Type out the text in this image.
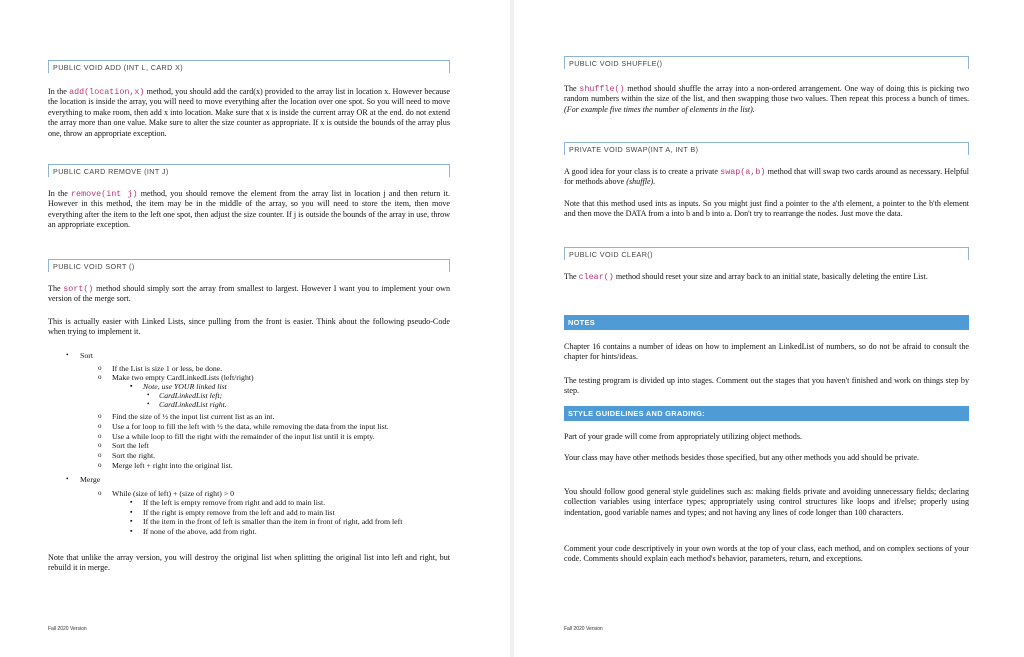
PUBLIC VOID ADD (INT L, CARD X)
In the add(location,x) method, you should add the card(x) provided to the array list in location x. However because the location is inside the array, you will need to move everything after the location over one spot. So you will need to move everything to make room, then add x into location. Make sure that x is inside the current array OR at the end. do not extend the array more than one value. Make sure to alter the size counter as appropriate. If x is outside the bounds of the array plus one, throw an appropriate exception.
PUBLIC CARD REMOVE (INT J)
In the remove(int j) method, you should remove the element from the array list in location j and then return it. However in this method, the item may be in the middle of the array, so you will need to store the item, then move everything after the item to the left one spot, then adjust the size counter. If j is outside the bounds of the array in use, throw an appropriate exception.
PUBLIC VOID SORT ()
The sort() method should simply sort the array from smallest to largest. However I want you to implement your own version of the merge sort.
This is actually easier with Linked Lists, since pulling from the front is easier. Think about the following pseudo-Code when trying to implement it.
• Sort
o If the List is size 1 or less, be done.
o Make two empty CardLinkedLists (left/right)
▪ Note, use YOUR linked list
• CardLinkedList left;
• CardLinkedList right.
o Find the size of ½ the input list current list as an int.
o Use a for loop to fill the left with ½ the data, while removing the data from the input list.
o Use a while loop to fill the right with the remainder of the input list until it is empty.
o Sort the left
o Sort the right.
o Merge left + right into the original list.
• Merge
o While (size of left) + (size of right) > 0
▪ If the left is empty remove from right and add to main list.
▪ If the right is empty remove from the left and add to main list
▪ If the item in the front of left is smaller than the item in front of right, add from left
▪ If none of the above, add from right.
Note that unlike the array version, you will destroy the original list when splitting the original list into left and right, but rebuild it in merge.
Fall 2020 Version
PUBLIC VOID SHUFFLE()
The shuffle() method should shuffle the array into a non-ordered arrangement. One way of doing this is picking two random numbers within the size of the list, and then swapping those two values. Then repeat this process a bunch of times. (For example five times the number of elements in the list).
PRIVATE VOID SWAP(INT A, INT B)
A good idea for your class is to create a private swap(a,b) method that will swap two cards around as necessary. Helpful for methods above (shuffle).
Note that this method used ints as inputs. So you might just find a pointer to the a'th element, a pointer to the b'th element and then move the DATA from a into b and b into a. Don't try to rearrange the nodes. Just move the data.
PUBLIC VOID CLEAR()
The clear() method should reset your size and array back to an initial state, basically deleting the entire List.
NOTES
Chapter 16 contains a number of ideas on how to implement an LinkedList of numbers, so do not be afraid to consult the chapter for hints/ideas.
The testing program is divided up into stages. Comment out the stages that you haven't finished and work on things step by step.
STYLE GUIDELINES AND GRADING:
Part of your grade will come from appropriately utilizing object methods.
Your class may have other methods besides those specified, but any other methods you add should be private.
You should follow good general style guidelines such as: making fields private and avoiding unnecessary fields; declaring collection variables using interface types; appropriately using control structures like loops and if/else; properly using indentation, good variable names and types; and not having any lines of code longer than 100 characters.
Comment your code descriptively in your own words at the top of your class, each method, and on complex sections of your code. Comments should explain each method's behavior, parameters, return, and exceptions.
Fall 2020 Version
